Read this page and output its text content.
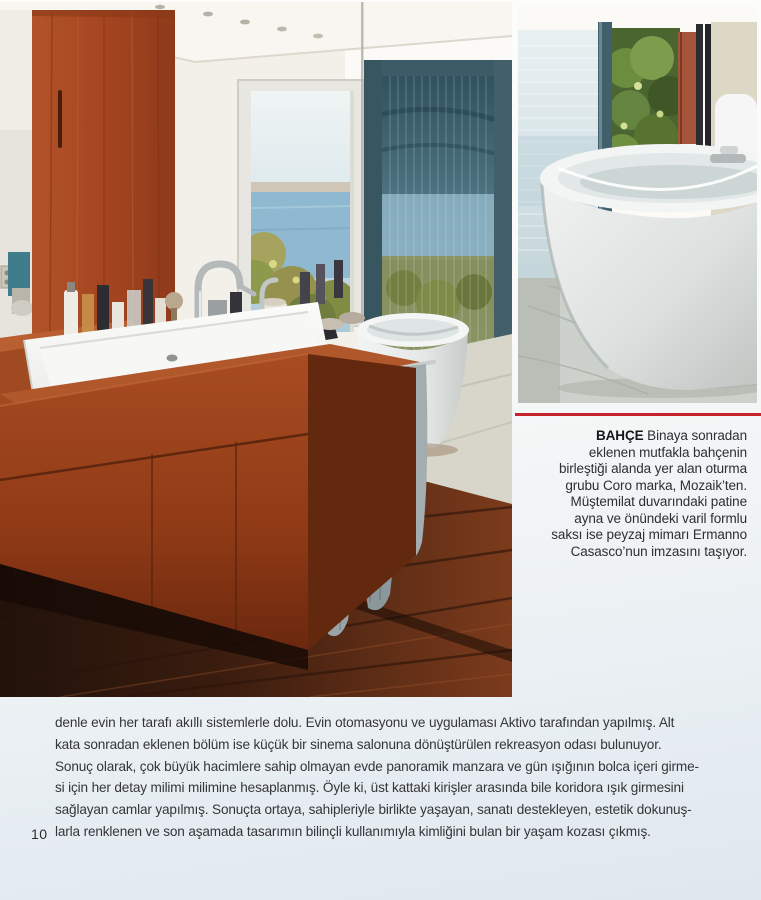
BAHÇE Binaya sonradan
eklenen mutfakla bahçenin
birleştiği alanda yer alan oturma
grubu Coro marka, Mozaik’ten.
Müştemilat duvarındaki patine
ayna ve önündeki varil formlu
saksı ise peyzaj mimarı Ermanno
Casasco’nun imzasını taşıyor.
denle evin her tarafı akıllı sistemlerle dolu. Evin otomasyonu ve uygulaması Aktivo tarafından yapılmış. Alt
kata sonradan eklenen bölüm ise küçük bir sinema salonuna dönüştürülen rekreasyon odası bulunuyor.
Sonuç olarak, çok büyük hacimlere sahip olmayan evde panoramik manzara ve gün ışığının bolca içeri girme-
si için her detay milimi milimine hesaplanmış. Öyle ki, üst kattaki kirişler arasında bile koridora ışık girmesini
sağlayan camlar yapılmış. Sonuçta ortaya, sahipleriyle birlikte yaşayan, sanatı destekleyen, estetik dokunuş-
larla renklenen ve son aşamada tasarımın bilinçli kullanımıyla kimliğini bulan bir yaşam kozası çıkmış.
10
